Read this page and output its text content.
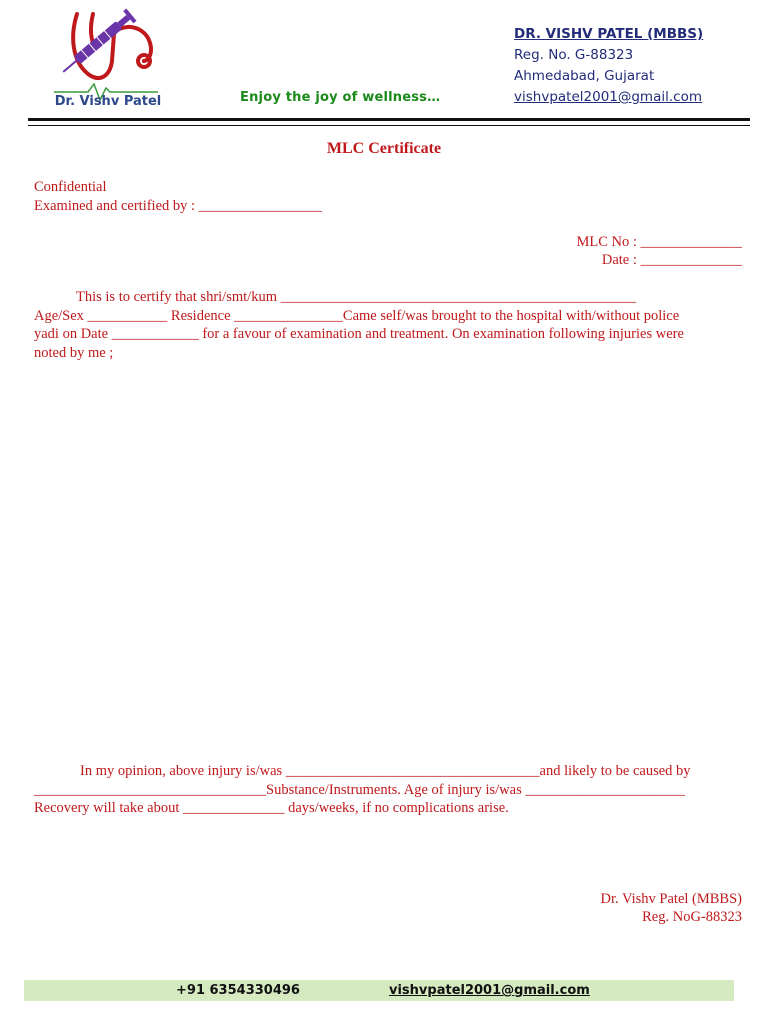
Dr. Vishv Patel	Enjoy the joy of wellness…
DR. VISHV PATEL (MBBS)
Reg. No. G-88323
Ahmedabad, Gujarat
vishvpatel2001@gmail.com
MLC Certificate
Confidential
Examined and certified by : _________________
MLC No : ______________
Date : ______________
This is to certify that shri/smt/kum _________________________________________________
Age/Sex ___________ Residence _______________Came self/was brought to the hospital with/without police
yadi on Date ____________ for a favour of examination and treatment. On examination following injuries were
noted by me ;
In my opinion, above injury is/was ___________________________________and likely to be caused by
________________________________Substance/Instruments. Age of injury is/was ______________________
Recovery will take about ______________ days/weeks, if no complications arise.
Dr. Vishv Patel (MBBS)
Reg. NoG-88323
+91 6354330496	vishvpatel2001@gmail.com
